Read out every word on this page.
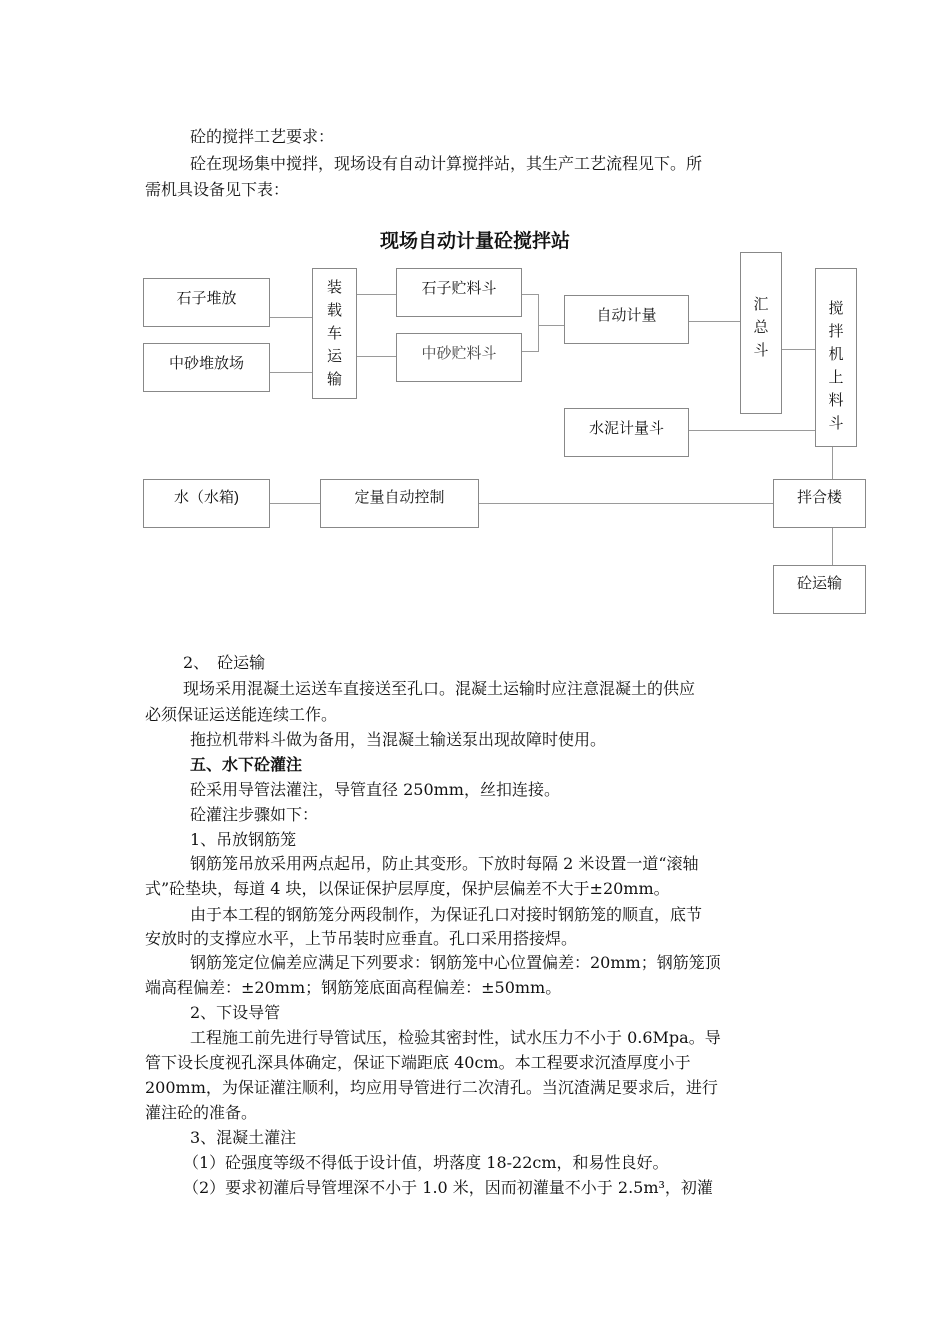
砼的搅拌工艺要求：
砼在现场集中搅拌，现场设有自动计算搅拌站，其生产工艺流程见下。所
需机具设备见下表：
现场自动计量砼搅拌站
石子堆放
中砂堆放场
装载车运输
石子贮料斗
中砂贮料斗
自动计量
汇总斗
搅拌机上料斗
水泥计量斗
水（水箱)	定量自动控制	拌合楼
砼运输
2、　砼运输
现场采用混凝土运送车直接送至孔口。混凝土运输时应注意混凝土的供应
必须保证运送能连续工作。
拖拉机带料斗做为备用，当混凝土输送泵出现故障时使用。
五、水下砼灌注
砼采用导管法灌注，导管直径 250mm，丝扣连接。
砼灌注步骤如下：
1、吊放钢筋笼
钢筋笼吊放采用两点起吊，防止其变形。下放时每隔 2 米设置一道“滚轴
式”砼垫块，每道 4 块，以保证保护层厚度，保护层偏差不大于±20mm。
由于本工程的钢筋笼分两段制作，为保证孔口对接时钢筋笼的顺直，底节
安放时的支撑应水平，上节吊装时应垂直。孔口采用搭接焊。
钢筋笼定位偏差应满足下列要求：钢筋笼中心位置偏差：20mm；钢筋笼顶
端高程偏差：±20mm；钢筋笼底面高程偏差：±50mm。
2、下设导管
工程施工前先进行导管试压，检验其密封性，试水压力不小于 0.6Mpa。导
管下设长度视孔深具体确定，保证下端距底 40cm。本工程要求沉渣厚度小于
200mm，为保证灌注顺利，均应用导管进行二次清孔。当沉渣满足要求后，进行
灌注砼的准备。
3、混凝土灌注
（1）砼强度等级不得低于设计值，坍落度 18-22cm，和易性良好。
（2）要求初灌后导管埋深不小于 1.0 米，因而初灌量不小于 2.5m³，初灌
